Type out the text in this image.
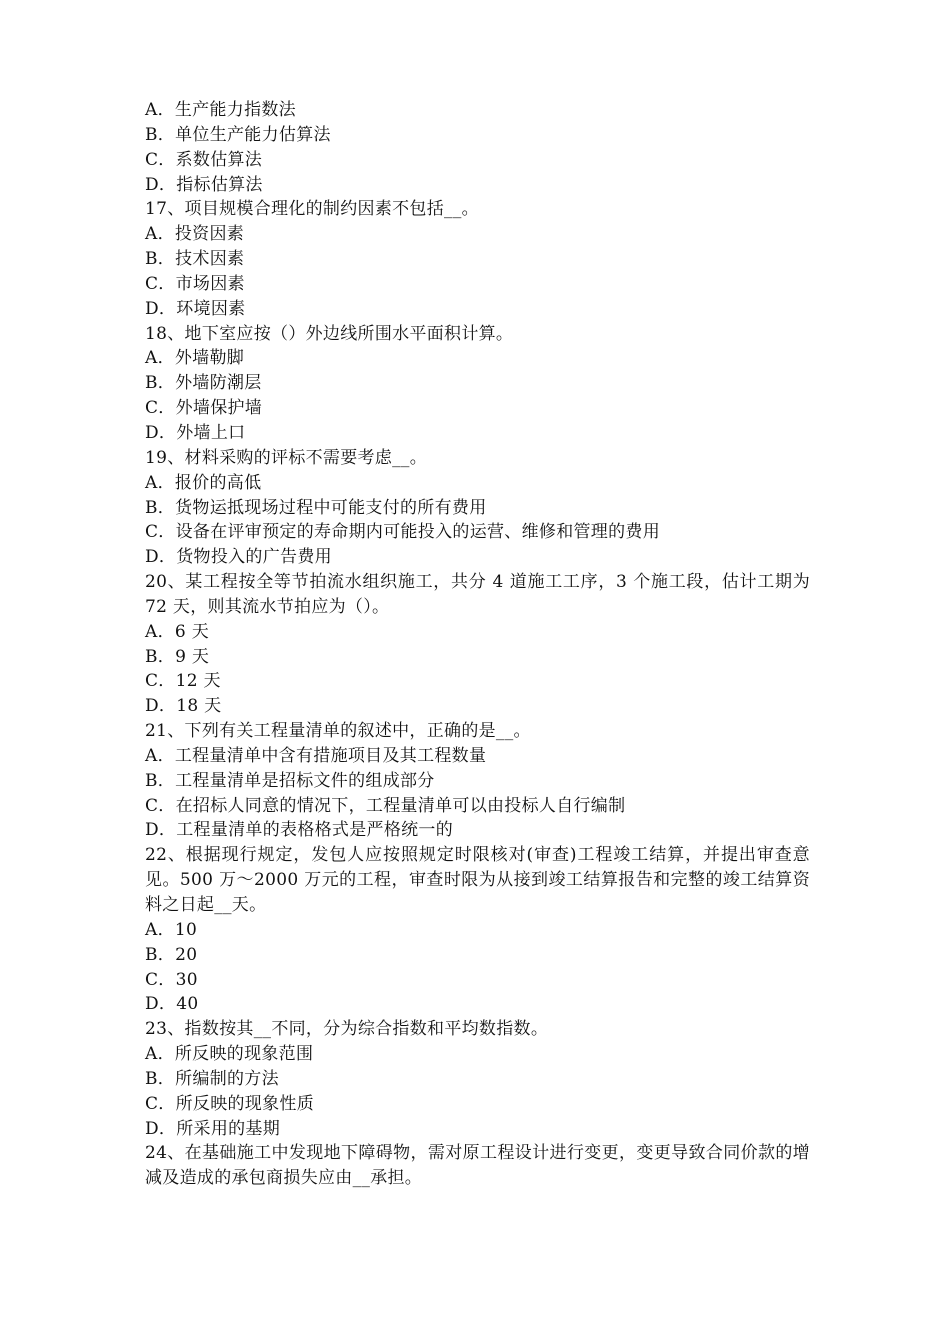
A．生产能力指数法
B．单位生产能力估算法
C．系数估算法
D．指标估算法
17、项目规模合理化的制约因素不包括__。
A．投资因素
B．技术因素
C．市场因素
D．环境因素
18、地下室应按（）外边线所围水平面积计算。
A．外墙勒脚
B．外墙防潮层
C．外墙保护墙
D．外墙上口
19、材料采购的评标不需要考虑__。
A．报价的高低
B．货物运抵现场过程中可能支付的所有费用
C．设备在评审预定的寿命期内可能投入的运营、维修和管理的费用
D．货物投入的广告费用
20、某工程按全等节拍流水组织施工，共分 4 道施工工序，3 个施工段，估计工期为 72 天，则其流水节拍应为（）。
A．6 天
B．9 天
C．12 天
D．18 天
21、下列有关工程量清单的叙述中，正确的是__。
A．工程量清单中含有措施项目及其工程数量
B．工程量清单是招标文件的组成部分
C．在招标人同意的情况下，工程量清单可以由投标人自行编制
D．工程量清单的表格格式是严格统一的
22、根据现行规定，发包人应按照规定时限核对(审查)工程竣工结算，并提出审查意见。500 万～2000 万元的工程，审查时限为从接到竣工结算报告和完整的竣工结算资料之日起__天。
A．10
B．20
C．30
D．40
23、指数按其__不同，分为综合指数和平均数指数。
A．所反映的现象范围
B．所编制的方法
C．所反映的现象性质
D．所采用的基期
24、在基础施工中发现地下障碍物，需对原工程设计进行变更，变更导致合同价款的增减及造成的承包商损失应由__承担。
